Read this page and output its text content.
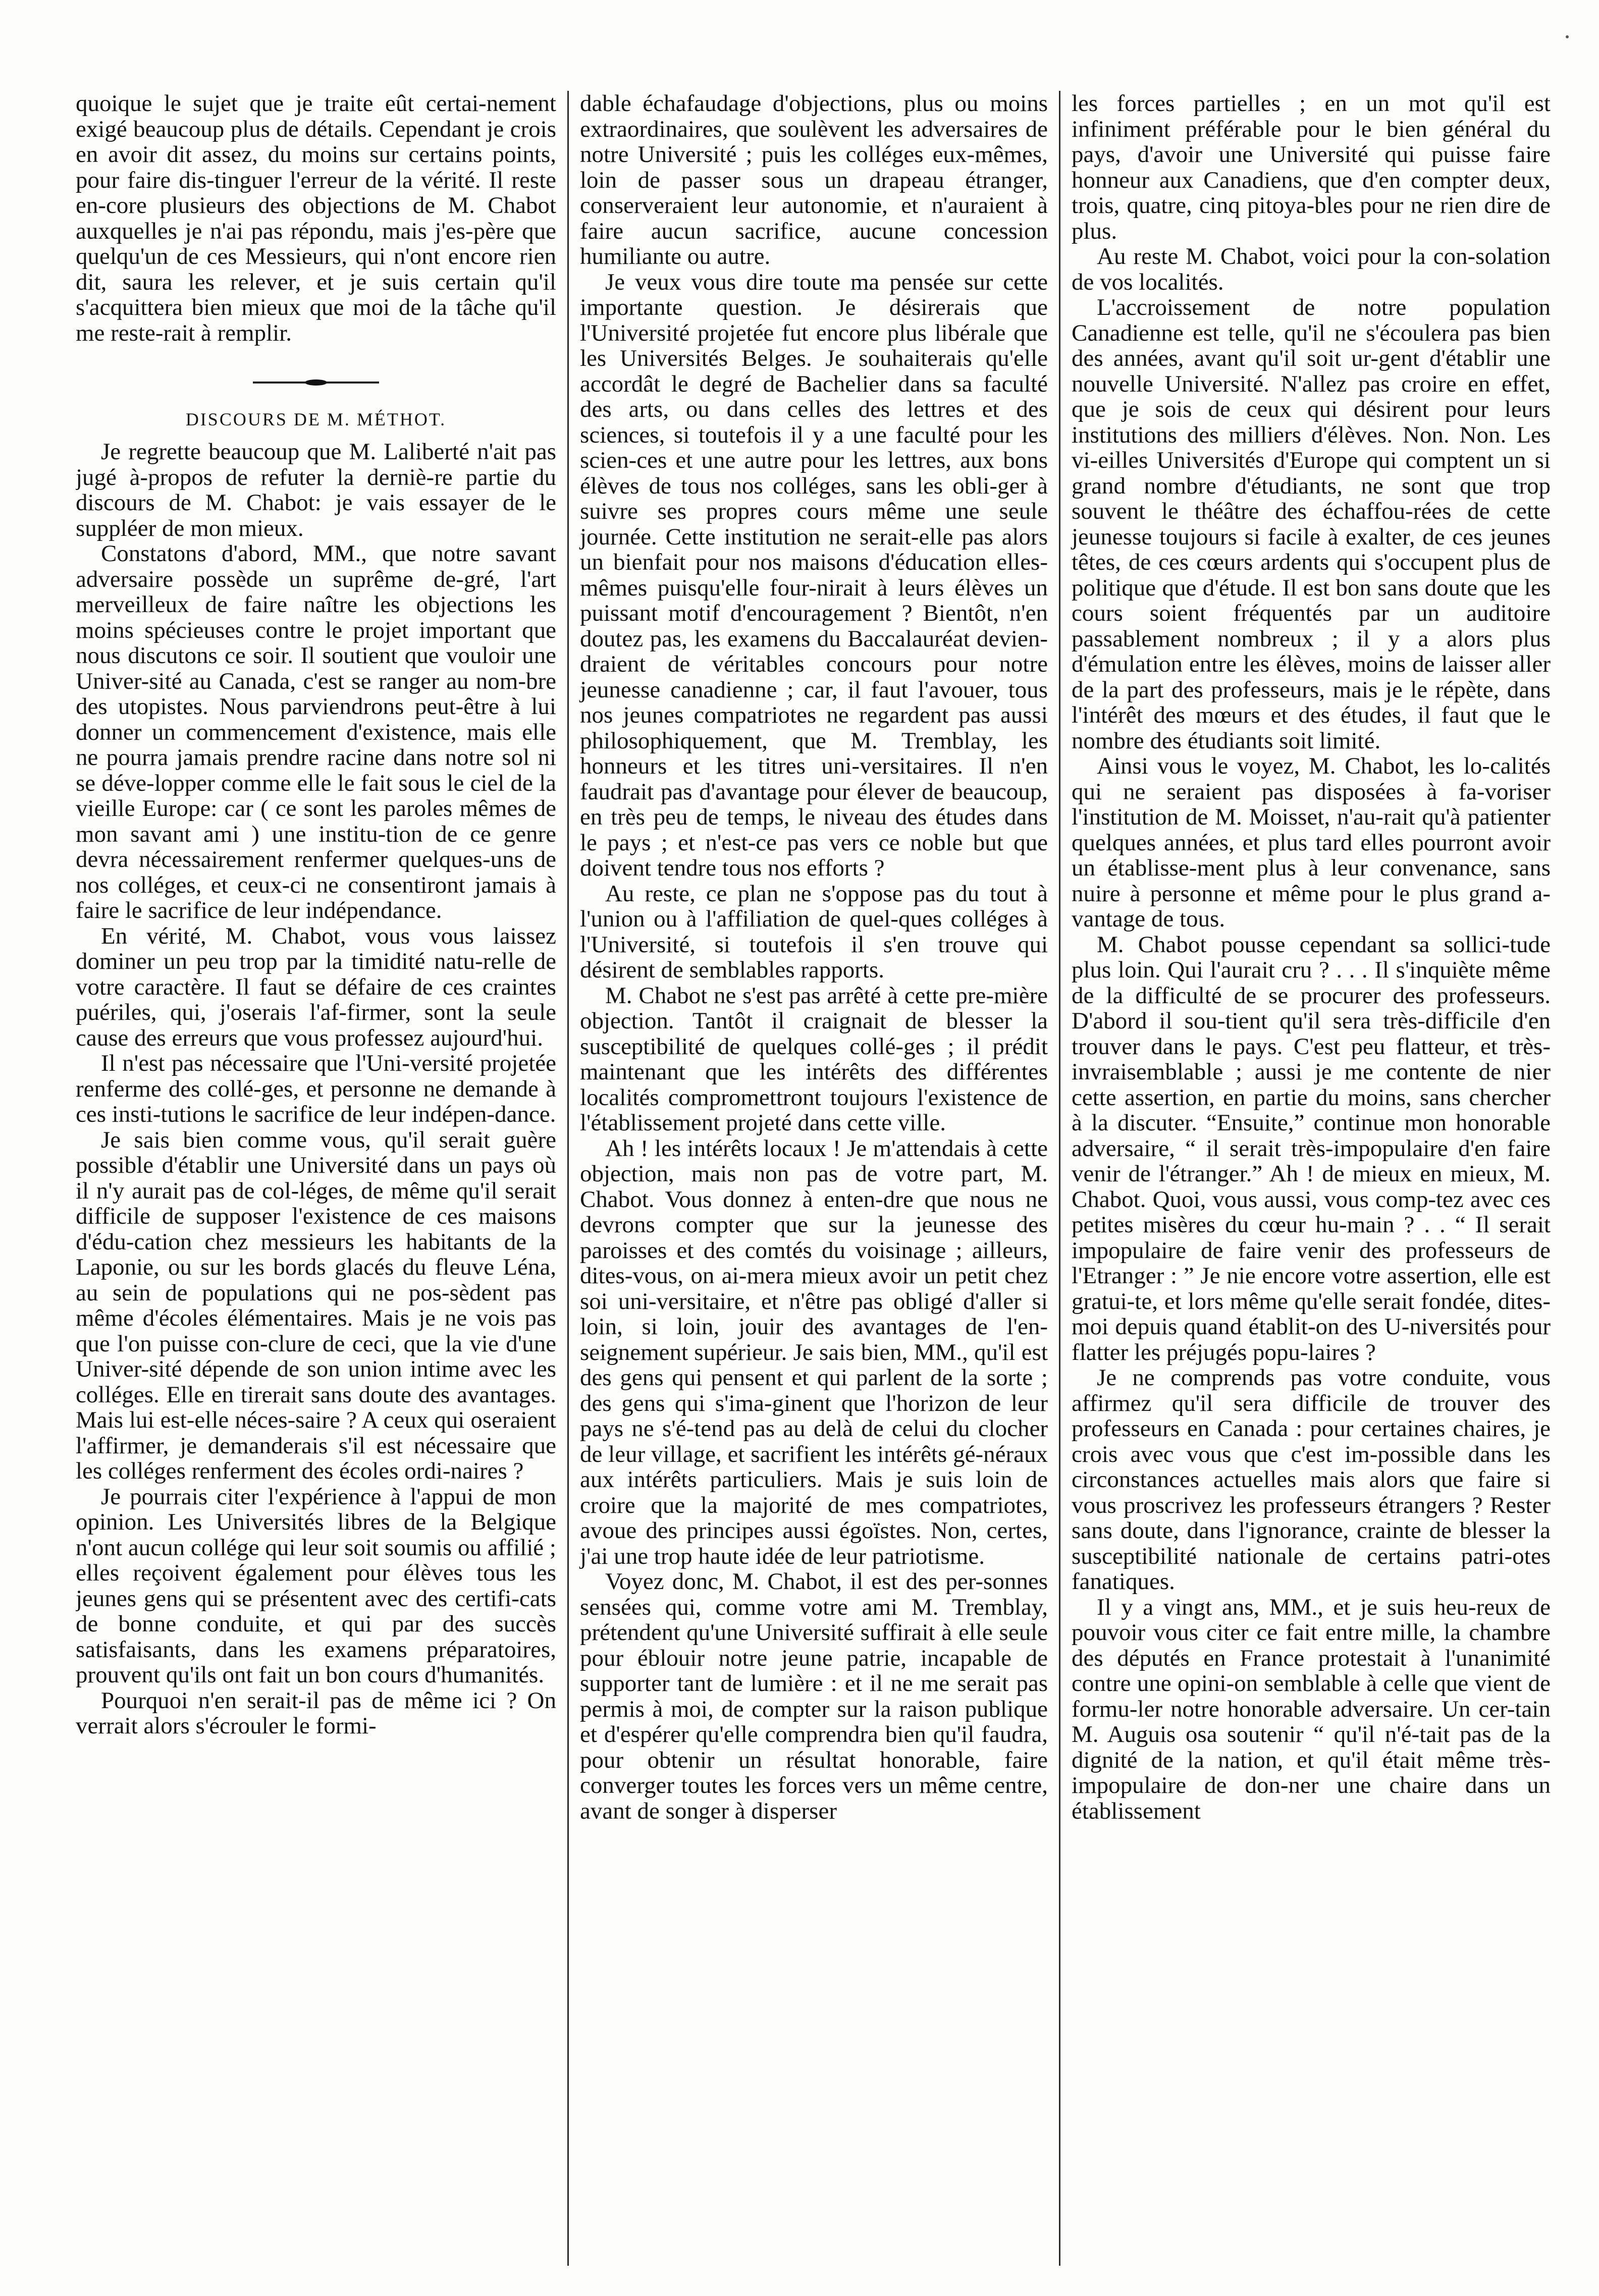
quoique le sujet que je traite eût certai-nement exigé beaucoup plus de détails. Cependant je crois en avoir dit assez, du moins sur certains points, pour faire dis-tinguer l'erreur de la vérité. Il reste en-core plusieurs des objections de M. Chabot auxquelles je n'ai pas répondu, mais j'es-père que quelqu'un de ces Messieurs, qui n'ont encore rien dit, saura les relever, et je suis certain qu'il s'acquittera bien mieux que moi de la tâche qu'il me reste-rait à remplir.

DISCOURS DE M. MÉTHOT.

Je regrette beaucoup que M. Laliberté n'ait pas jugé à-propos de refuter la derniè-re partie du discours de M. Chabot: je vais essayer de le suppléer de mon mieux.

Constatons d'abord, MM., que notre savant adversaire possède un suprême de-gré, l'art merveilleux de faire naître les objections les moins spécieuses contre le projet important que nous discutons ce soir. Il soutient que vouloir une Univer-sité au Canada, c'est se ranger au nom-bre des utopistes. Nous parviendrons peut-être à lui donner un commencement d'existence, mais elle ne pourra jamais prendre racine dans notre sol ni se déve-lopper comme elle le fait sous le ciel de la vieille Europe: car ( ce sont les paroles mêmes de mon savant ami ) une institu-tion de ce genre devra nécessairement renfermer quelques-uns de nos colléges, et ceux-ci ne consentiront jamais à faire le sacrifice de leur indépendance.

En vérité, M. Chabot, vous vous laissez dominer un peu trop par la timidité natu-relle de votre caractère. Il faut se défaire de ces craintes puériles, qui, j'oserais l'af-firmer, sont la seule cause des erreurs que vous professez aujourd'hui.

Il n'est pas nécessaire que l'Uni-versité projetée renferme des collé-ges, et personne ne demande à ces insti-tutions le sacrifice de leur indépen-dance.

Je sais bien comme vous, qu'il serait guère possible d'établir une Université dans un pays où il n'y aurait pas de col-léges, de même qu'il serait difficile de supposer l'existence de ces maisons d'édu-cation chez messieurs les habitants de la Laponie, ou sur les bords glacés du fleuve Léna, au sein de populations qui ne pos-sèdent pas même d'écoles élémentaires. Mais je ne vois pas que l'on puisse con-clure de ceci, que la vie d'une Univer-sité dépende de son union intime avec les colléges. Elle en tirerait sans doute des avantages. Mais lui est-elle néces-saire ? A ceux qui oseraient l'affirmer, je demanderais s'il est nécessaire que les colléges renferment des écoles ordi-naires ?

Je pourrais citer l'expérience à l'appui de mon opinion. Les Universités libres de la Belgique n'ont aucun collége qui leur soit soumis ou affilié ; elles reçoivent également pour élèves tous les jeunes gens qui se présentent avec des certifi-cats de bonne conduite, et qui par des succès satisfaisants, dans les examens préparatoires, prouvent qu'ils ont fait un bon cours d'humanités.

Pourquoi n'en serait-il pas de même ici ? On verrait alors s'écrouler le formi-

dable échafaudage d'objections, plus ou moins extraordinaires, que soulèvent les adversaires de notre Université ; puis les colléges eux-mêmes, loin de passer sous un drapeau étranger, conserveraient leur autonomie, et n'auraient à faire aucun sacrifice, aucune concession humiliante ou autre.

Je veux vous dire toute ma pensée sur cette importante question. Je désirerais que l'Université projetée fut encore plus libérale que les Universités Belges. Je souhaiterais qu'elle accordât le degré de Bachelier dans sa faculté des arts, ou dans celles des lettres et des sciences, si toutefois il y a une faculté pour les scien-ces et une autre pour les lettres, aux bons élèves de tous nos colléges, sans les obli-ger à suivre ses propres cours même une seule journée. Cette institution ne serait-elle pas alors un bienfait pour nos maisons d'éducation elles-mêmes puisqu'elle four-nirait à leurs élèves un puissant motif d'encouragement ? Bientôt, n'en doutez pas, les examens du Baccalauréat devien-draient de véritables concours pour notre jeunesse canadienne ; car, il faut l'avouer, tous nos jeunes compatriotes ne regardent pas aussi philosophiquement, que M. Tremblay, les honneurs et les titres uni-versitaires. Il n'en faudrait pas d'avantage pour élever de beaucoup, en très peu de temps, le niveau des études dans le pays ; et n'est-ce pas vers ce noble but que doivent tendre tous nos efforts ?

Au reste, ce plan ne s'oppose pas du tout à l'union ou à l'affiliation de quel-ques colléges à l'Université, si toutefois il s'en trouve qui désirent de semblables rapports.

M. Chabot ne s'est pas arrêté à cette pre-mière objection. Tantôt il craignait de blesser la susceptibilité de quelques collé-ges ; il prédit maintenant que les intérêts des différentes localités compromettront toujours l'existence de l'établissement projeté dans cette ville.

Ah ! les intérêts locaux ! Je m'attendais à cette objection, mais non pas de votre part, M. Chabot. Vous donnez à enten-dre que nous ne devrons compter que sur la jeunesse des paroisses et des comtés du voisinage ; ailleurs, dites-vous, on ai-mera mieux avoir un petit chez soi uni-versitaire, et n'être pas obligé d'aller si loin, si loin, jouir des avantages de l'en-seignement supérieur. Je sais bien, MM., qu'il est des gens qui pensent et qui parlent de la sorte ; des gens qui s'ima-ginent que l'horizon de leur pays ne s'é-tend pas au delà de celui du clocher de leur village, et sacrifient les intérêts gé-néraux aux intérêts particuliers. Mais je suis loin de croire que la majorité de mes compatriotes, avoue des principes aussi égoïstes. Non, certes, j'ai une trop haute idée de leur patriotisme.

Voyez donc, M. Chabot, il est des per-sonnes sensées qui, comme votre ami M. Tremblay, prétendent qu'une Université suffirait à elle seule pour éblouir notre jeune patrie, incapable de supporter tant de lumière : et il ne me serait pas permis à moi, de compter sur la raison publique et d'espérer qu'elle comprendra bien qu'il faudra, pour obtenir un résultat honorable, faire converger toutes les forces vers un même centre, avant de songer à disperser

les forces partielles ; en un mot qu'il est infiniment préférable pour le bien général du pays, d'avoir une Université qui puisse faire honneur aux Canadiens, que d'en compter deux, trois, quatre, cinq pitoya-bles pour ne rien dire de plus.

Au reste M. Chabot, voici pour la con-solation de vos localités.

L'accroissement de notre population Canadienne est telle, qu'il ne s'écoulera pas bien des années, avant qu'il soit ur-gent d'établir une nouvelle Université. N'allez pas croire en effet, que je sois de ceux qui désirent pour leurs institutions des milliers d'élèves. Non. Non. Les vi-eilles Universités d'Europe qui comptent un si grand nombre d'étudiants, ne sont que trop souvent le théâtre des échaffou-rées de cette jeunesse toujours si facile à exalter, de ces jeunes têtes, de ces cœurs ardents qui s'occupent plus de politique que d'étude. Il est bon sans doute que les cours soient fréquentés par un auditoire passablement nombreux ; il y a alors plus d'émulation entre les élèves, moins de laisser aller de la part des professeurs, mais je le répète, dans l'intérêt des mœurs et des études, il faut que le nombre des étudiants soit limité.

Ainsi vous le voyez, M. Chabot, les lo-calités qui ne seraient pas disposées à fa-voriser l'institution de M. Moisset, n'au-rait qu'à patienter quelques années, et plus tard elles pourront avoir un établisse-ment plus à leur convenance, sans nuire à personne et même pour le plus grand a-vantage de tous.

M. Chabot pousse cependant sa sollici-tude plus loin. Qui l'aurait cru ? . . . Il s'inquiète même de la difficulté de se procurer des professeurs. D'abord il sou-tient qu'il sera très-difficile d'en trouver dans le pays. C'est peu flatteur, et très-invraisemblable ; aussi je me contente de nier cette assertion, en partie du moins, sans chercher à la discuter. “Ensuite,” continue mon honorable adversaire, “ il serait très-impopulaire d'en faire venir de l'étranger.” Ah ! de mieux en mieux, M. Chabot. Quoi, vous aussi, vous comp-tez avec ces petites misères du cœur hu-main ? . . “ Il serait impopulaire de faire venir des professeurs de l'Etranger : ” Je nie encore votre assertion, elle est gratui-te, et lors même qu'elle serait fondée, dites-moi depuis quand établit-on des U-niversités pour flatter les préjugés popu-laires ?

Je ne comprends pas votre conduite, vous affirmez qu'il sera difficile de trouver des professeurs en Canada : pour certaines chaires, je crois avec vous que c'est im-possible dans les circonstances actuelles mais alors que faire si vous proscrivez les professeurs étrangers ? Rester sans doute, dans l'ignorance, crainte de blesser la susceptibilité nationale de certains patri-otes fanatiques.

Il y a vingt ans, MM., et je suis heu-reux de pouvoir vous citer ce fait entre mille, la chambre des députés en France protestait à l'unanimité contre une opini-on semblable à celle que vient de formu-ler notre honorable adversaire. Un cer-tain M. Auguis osa soutenir “ qu'il n'é-tait pas de la dignité de la nation, et qu'il était même très-impopulaire de don-ner une chaire dans un établissement
